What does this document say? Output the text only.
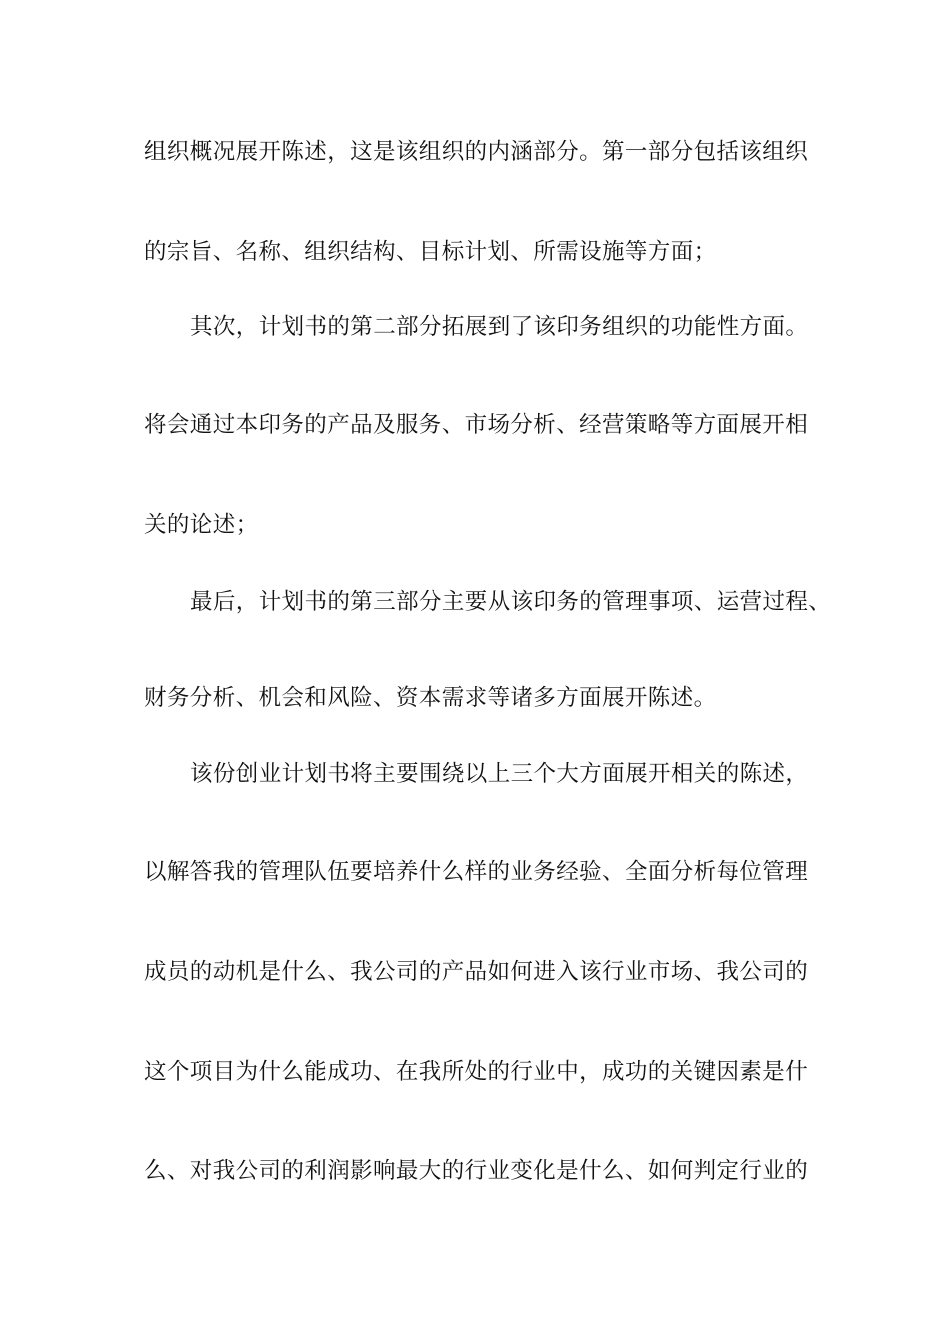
组织概况展开陈述，这是该组织的内涵部分。第一部分包括该组织
的宗旨、名称、组织结构、目标计划、所需设施等方面；
其次，计划书的第二部分拓展到了该印务组织的功能性方面。
将会通过本印务的产品及服务、市场分析、经营策略等方面展开相
关的论述；
最后，计划书的第三部分主要从该印务的管理事项、运营过程、
财务分析、机会和风险、资本需求等诸多方面展开陈述。
该份创业计划书将主要围绕以上三个大方面展开相关的陈述，
以解答我的管理队伍要培养什么样的业务经验、全面分析每位管理
成员的动机是什么、我公司的产品如何进入该行业市场、我公司的
这个项目为什么能成功、在我所处的行业中，成功的关键因素是什
么、对我公司的利润影响最大的行业变化是什么、如何判定行业的
